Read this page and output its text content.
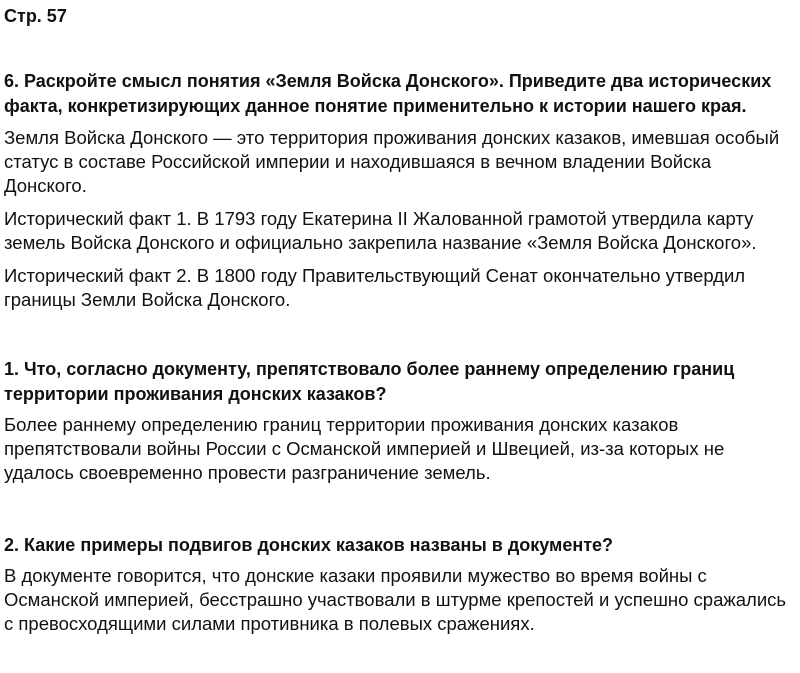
Стр. 57

6. Раскройте смысл понятия «Земля Войска Донского». Приведите два исторических факта, конкретизирующих данное понятие применительно к истории нашего края.

Земля Войска Донского — это территория проживания донских казаков, имевшая особый статус в составе Российской империи и находившаяся в вечном владении Войска Донского.

Исторический факт 1. В 1793 году Екатерина II Жалованной грамотой утвердила карту земель Войска Донского и официально закрепила название «Земля Войска Донского».

Исторический факт 2. В 1800 году Правительствующий Сенат окончательно утвердил границы Земли Войска Донского.

1. Что, согласно документу, препятствовало более раннему определению границ территории проживания донских казаков?

Более раннему определению границ территории проживания донских казаков препятствовали войны России с Османской империей и Швецией, из-за которых не удалось своевременно провести разграничение земель.

2. Какие примеры подвигов донских казаков названы в документе?

В документе говорится, что донские казаки проявили мужество во время войны с Османской империей, бесстрашно участвовали в штурме крепостей и успешно сражались с превосходящими силами противника в полевых сражениях.
